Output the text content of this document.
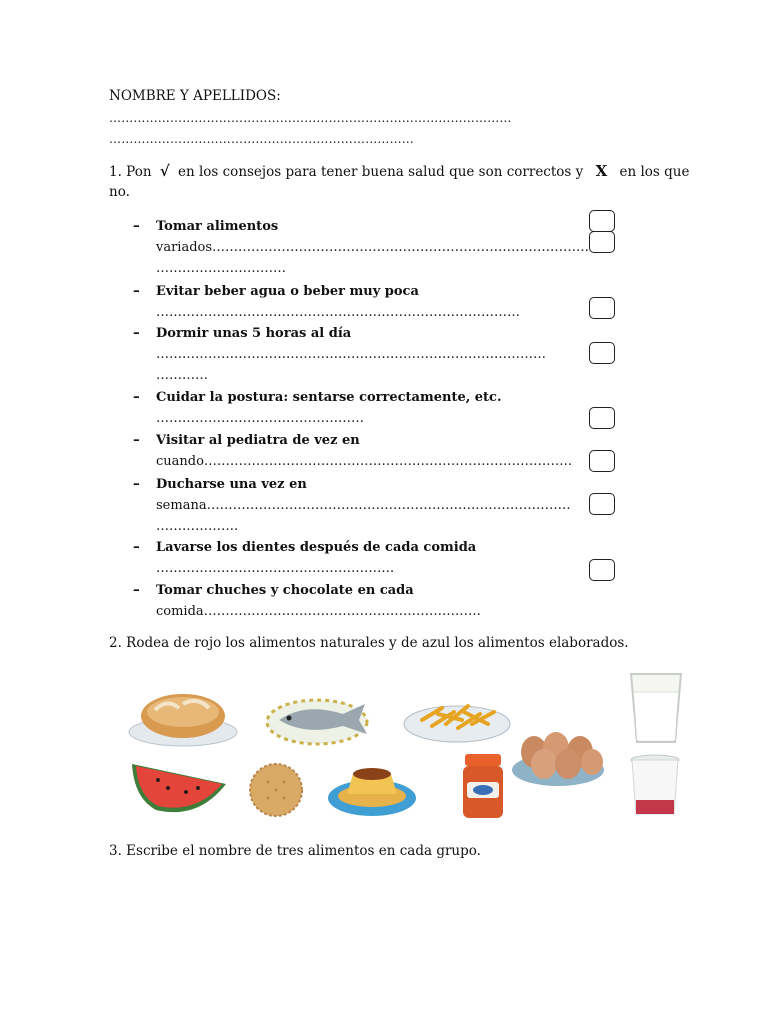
NOMBRE Y APELLIDOS:
………………………………………………………………………………………
…………………………………………………………………
1. Pon √ en los consejos para tener buena salud que son correctos y X en los que
no.
– Tomar alimentos
variados……………………………………………………………………………
…………………………
– Evitar beber agua o beber muy poca
…………………………………………………………………………
– Dormir unas 5 horas al día
………………………………………………………………………………
…………
– Cuidar la postura: sentarse correctamente, etc.
…………………………………………
– Visitar al pediatra de vez en
cuando………………………………………………………………………….
– Ducharse una vez en
semana…………………………………………………………………………
……………….
– Lavarse los dientes después de cada comida
……………………………………………….
– Tomar chuches y chocolate en cada
comida……………………………………………………….
2. Rodea de rojo los alimentos naturales y de azul los alimentos elaborados.
3. Escribe el nombre de tres alimentos en cada grupo.
